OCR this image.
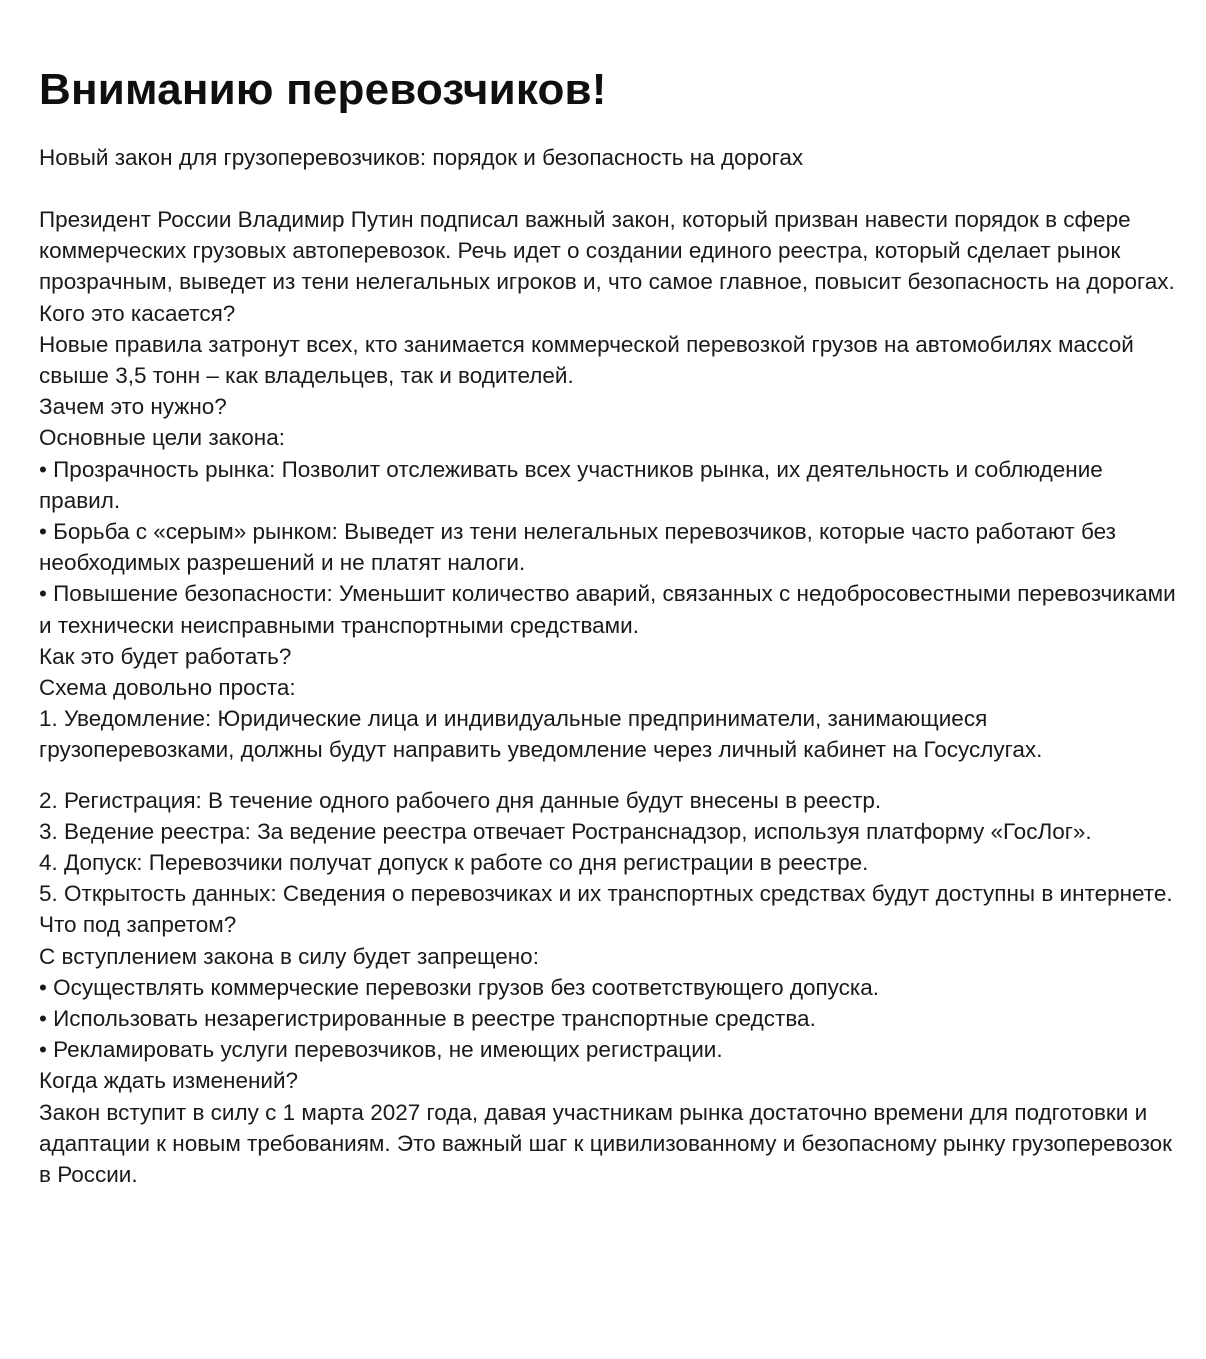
Вниманию перевозчиков!

Новый закон для грузоперевозчиков: порядок и безопасность на дорогах

Президент России Владимир Путин подписал важный закон, который призван навести порядок в сфере коммерческих грузовых автоперевозок. Речь идет о создании единого реестра, который сделает рынок прозрачным, выведет из тени нелегальных игроков и, что самое главное, повысит безопасность на дорогах.

Кого это касается?

Новые правила затронут всех, кто занимается коммерческой перевозкой грузов на автомобилях массой свыше 3,5 тонн – как владельцев, так и водителей.

Зачем это нужно?

Основные цели закона:

• Прозрачность рынка: Позволит отслеживать всех участников рынка, их деятельность и соблюдение правил.

• Борьба с «серым» рынком: Выведет из тени нелегальных перевозчиков, которые часто работают без необходимых разрешений и не платят налоги.

• Повышение безопасности: Уменьшит количество аварий, связанных с недобросовестными перевозчиками и технически неисправными транспортными средствами.

Как это будет работать?

Схема довольно проста:

1. Уведомление: Юридические лица и индивидуальные предприниматели, занимающиеся грузоперевозками, должны будут направить уведомление через личный кабинет на Госуслугах.

2. Регистрация: В течение одного рабочего дня данные будут внесены в реестр.

3. Ведение реестра: За ведение реестра отвечает Ространснадзор, используя платформу «ГосЛог».

4. Допуск: Перевозчики получат допуск к работе со дня регистрации в реестре.

5. Открытость данных: Сведения о перевозчиках и их транспортных средствах будут доступны в интернете.

Что под запретом?

С вступлением закона в силу будет запрещено:

• Осуществлять коммерческие перевозки грузов без соответствующего допуска.

• Использовать незарегистрированные в реестре транспортные средства.

• Рекламировать услуги перевозчиков, не имеющих регистрации.

Когда ждать изменений?

Закон вступит в силу с 1 марта 2027 года, давая участникам рынка достаточно времени для подготовки и адаптации к новым требованиям. Это важный шаг к цивилизованному и безопасному рынку грузоперевозок в России.
